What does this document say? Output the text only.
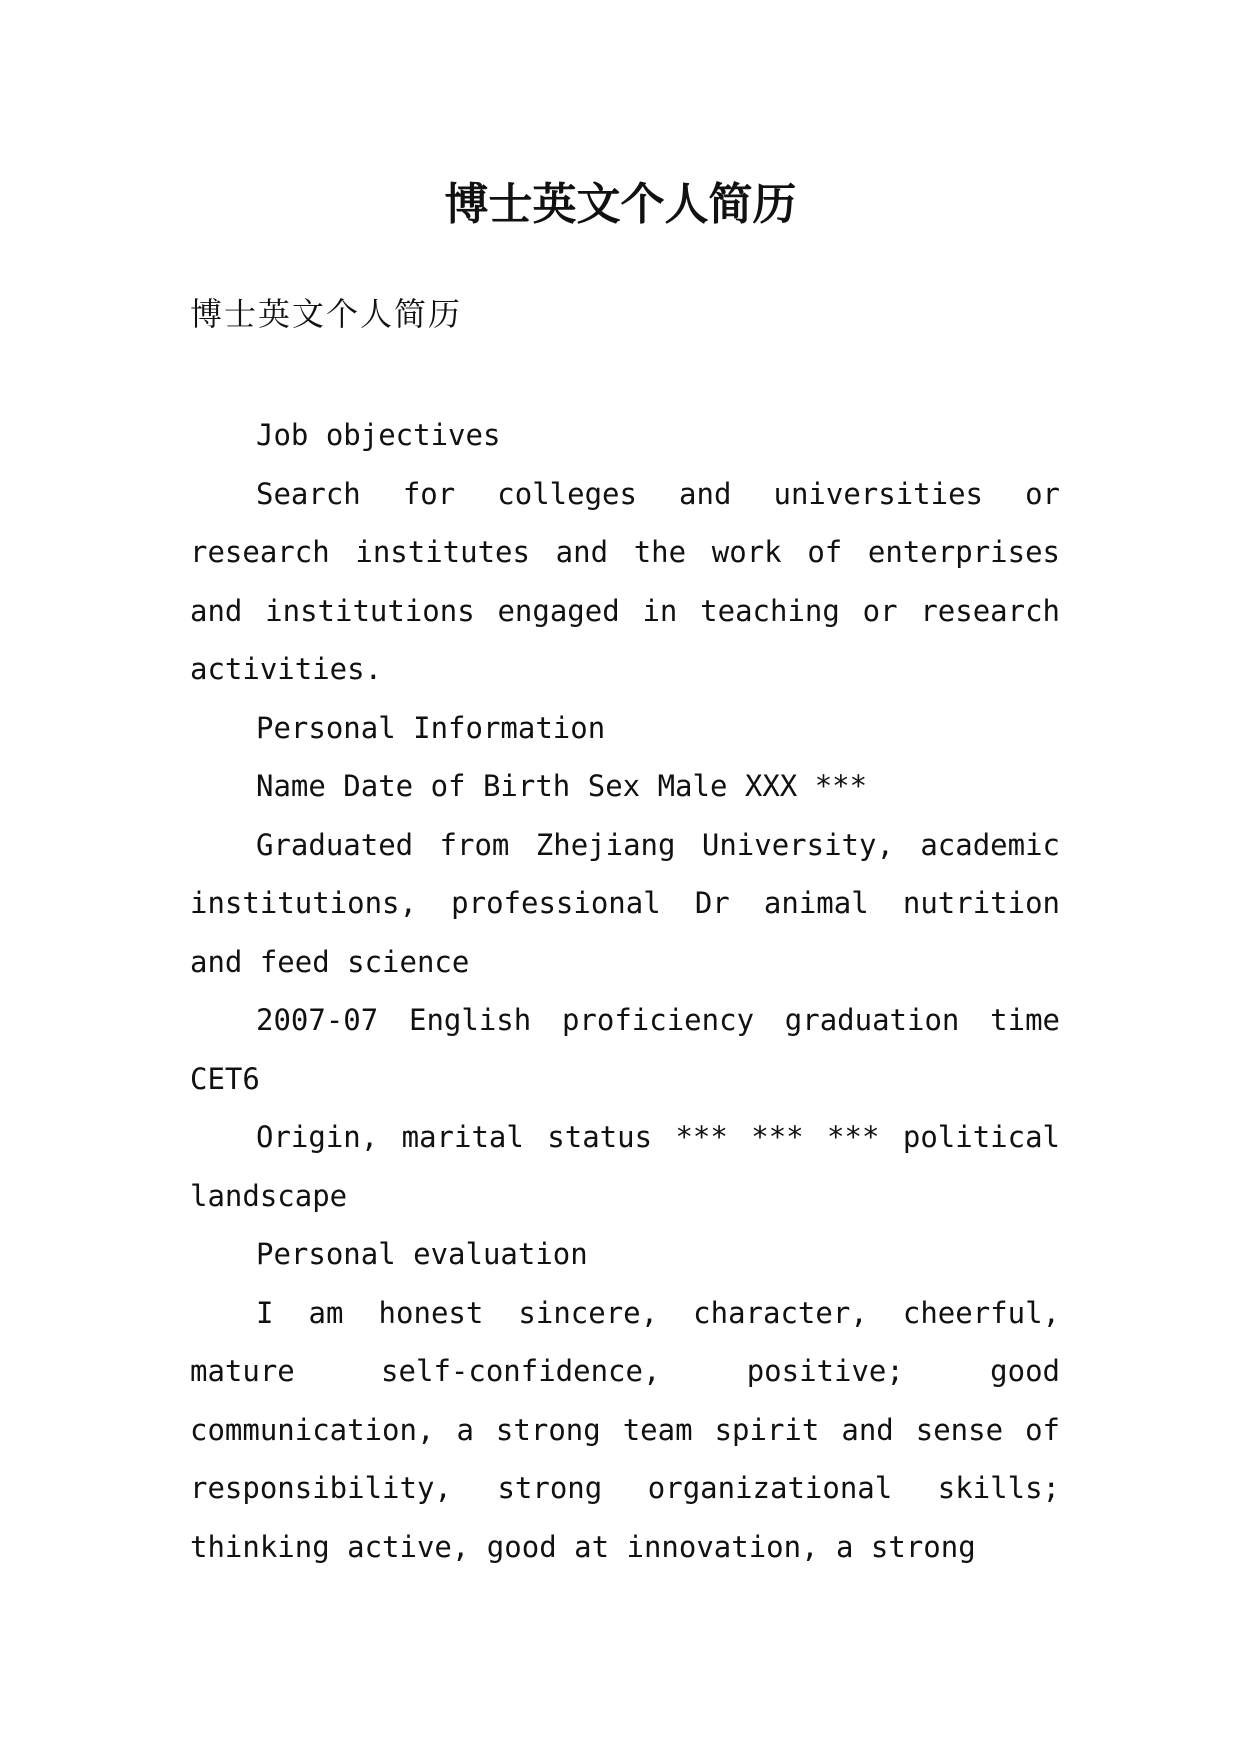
博士英文个人简历
博士英文个人简历

Job objectives

Search for colleges and universities or research institutes and the work of enterprises and institutions engaged in teaching or research activities.

Personal Information

Name Date of Birth Sex Male XXX ***

Graduated from Zhejiang University, academic institutions, professional Dr animal nutrition and feed science

2007-07 English proficiency graduation time CET6

Origin, marital status *** *** *** political landscape

Personal evaluation

I am honest sincere, character, cheerful, mature self-confidence, positive; good communication, a strong team spirit and sense of responsibility, strong organizational skills; thinking active, good at innovation, a strong
